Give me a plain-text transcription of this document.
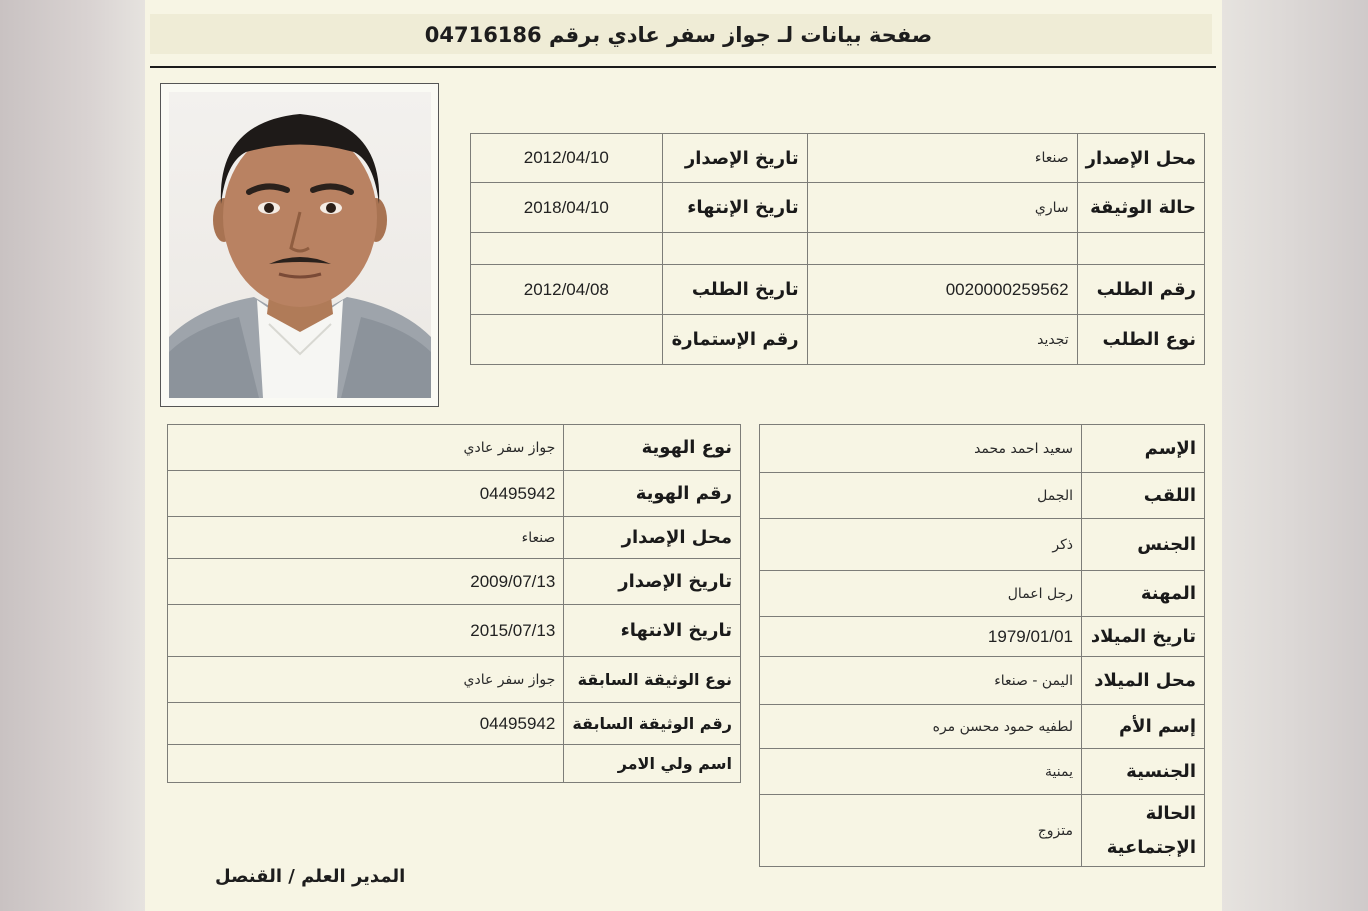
صفحة بيانات لـ جواز سفر عادي برقم 04716186
محل الإصدار	صنعاء	تاريخ الإصدار	2012/04/10
حالة الوثيقة	ساري	تاريخ الإنتهاء	2018/04/10

رقم الطلب	0020000259562	تاريخ الطلب	2012/04/08
نوع الطلب	تجديد	رقم الإستمارة	
الإسم	سعيد احمد محمد
اللقب	الجمل
الجنس	ذكر
المهنة	رجل اعمال
تاريخ الميلاد	1979/01/01
محل الميلاد	اليمن - صنعاء
إسم الأم	لطفيه حمود محسن مره
الجنسية	يمنية
الحالة الإجتماعية	متزوج
نوع الهوية	جواز سفر عادي
رقم الهوية	04495942
محل الإصدار	صنعاء
تاريخ الإصدار	2009/07/13
تاريخ الانتهاء	2015/07/13
نوع الوثيقة السابقة	جواز سفر عادي
رقم الوثيقة السابقة	04495942
اسم ولي الامر	
المدير العلم / القنصل
